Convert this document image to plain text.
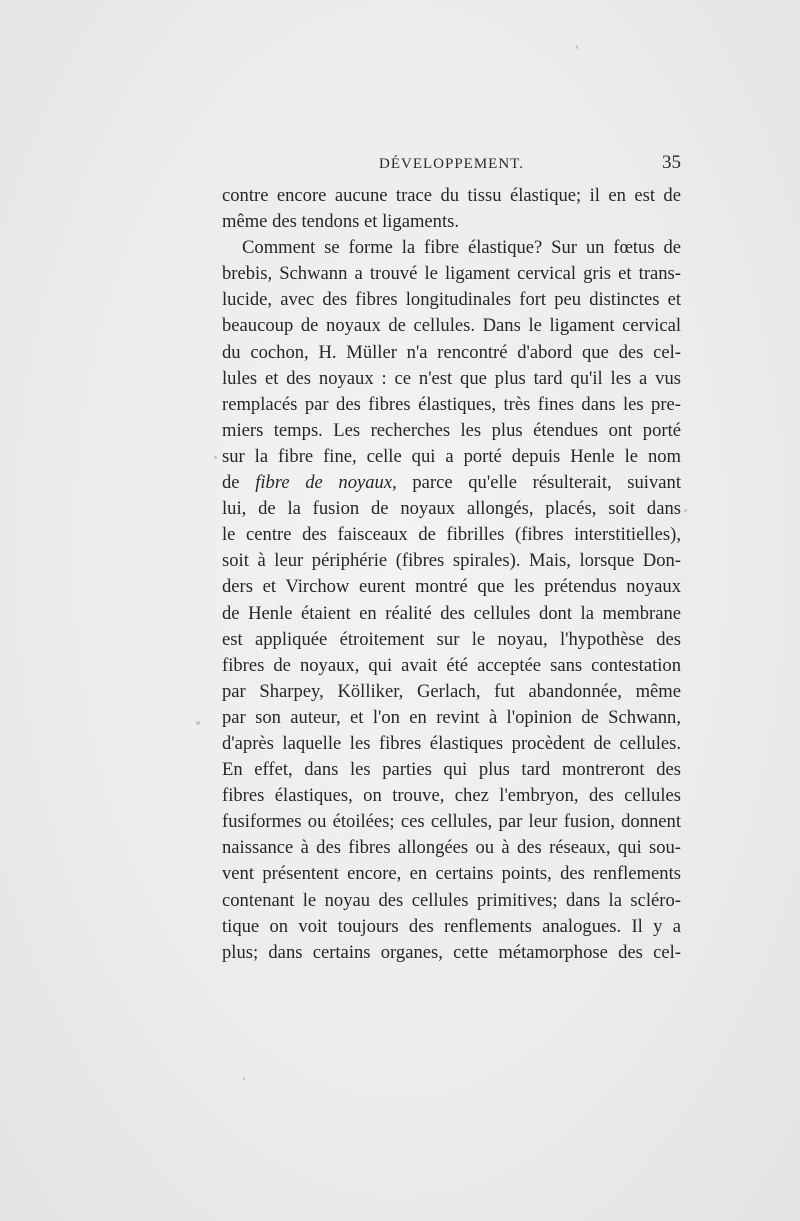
DÉVELOPPEMENT.	35
contre encore aucune trace du tissu élastique; il en est de
même des tendons et ligaments.
Comment se forme la fibre élastique? Sur un fœtus de
brebis, Schwann a trouvé le ligament cervical gris et trans-
lucide, avec des fibres longitudinales fort peu distinctes et
beaucoup de noyaux de cellules. Dans le ligament cervical
du cochon, H. Müller n'a rencontré d'abord que des cel-
lules et des noyaux : ce n'est que plus tard qu'il les a vus
remplacés par des fibres élastiques, très fines dans les pre-
miers temps. Les recherches les plus étendues ont porté
sur la fibre fine, celle qui a porté depuis Henle le nom
de fibre de noyaux, parce qu'elle résulterait, suivant
lui, de la fusion de noyaux allongés, placés, soit dans
le centre des faisceaux de fibrilles (fibres interstitielles),
soit à leur périphérie (fibres spirales). Mais, lorsque Don-
ders et Virchow eurent montré que les prétendus noyaux
de Henle étaient en réalité des cellules dont la membrane
est appliquée étroitement sur le noyau, l'hypothèse des
fibres de noyaux, qui avait été acceptée sans contestation
par Sharpey, Kölliker, Gerlach, fut abandonnée, même
par son auteur, et l'on en revint à l'opinion de Schwann,
d'après laquelle les fibres élastiques procèdent de cellules.
En effet, dans les parties qui plus tard montreront des
fibres élastiques, on trouve, chez l'embryon, des cellules
fusiformes ou étoilées; ces cellules, par leur fusion, donnent
naissance à des fibres allongées ou à des réseaux, qui sou-
vent présentent encore, en certains points, des renflements
contenant le noyau des cellules primitives; dans la scléro-
tique on voit toujours des renflements analogues. Il y a
plus; dans certains organes, cette métamorphose des cel-
